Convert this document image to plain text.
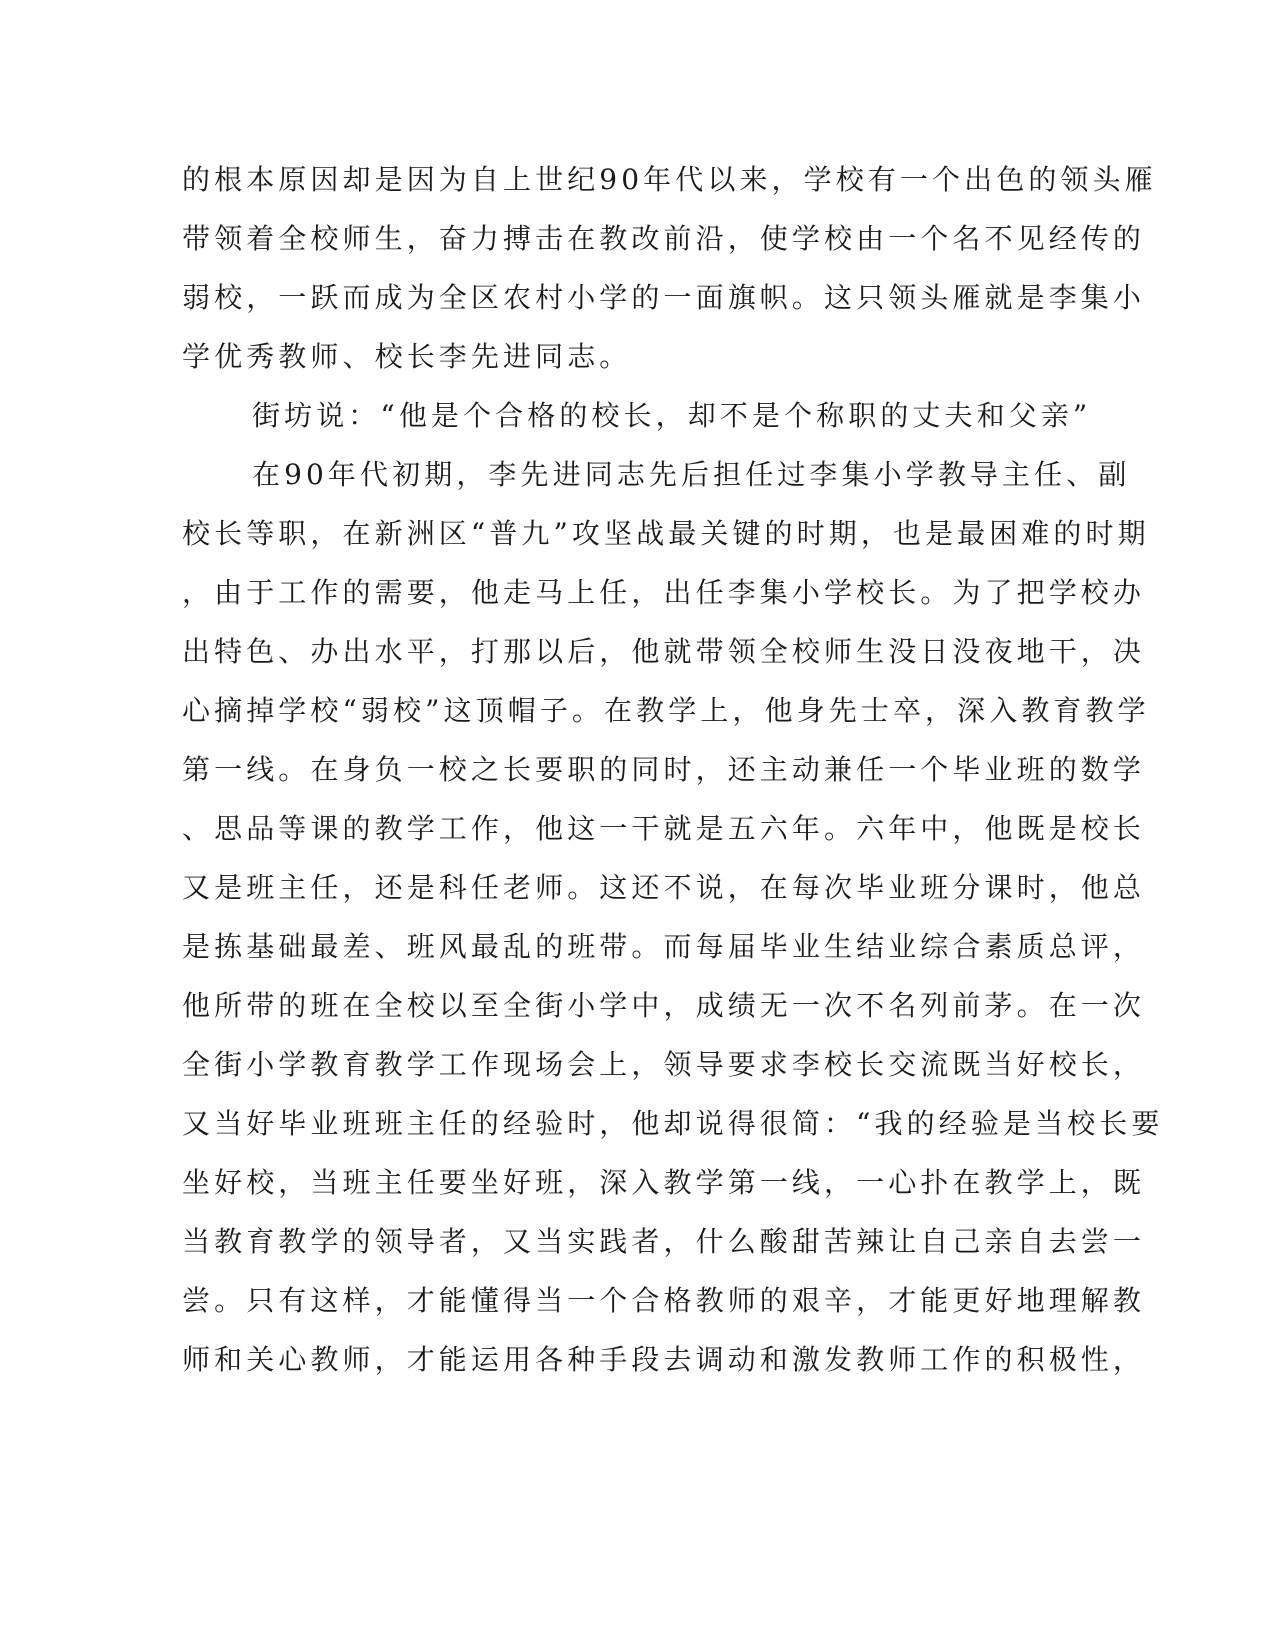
的根本原因却是因为自上世纪90年代以来，学校有一个出色的领头雁

带领着全校师生，奋力搏击在教改前沿，使学校由一个名不见经传的

弱校，一跃而成为全区农村小学的一面旗帜。这只领头雁就是李集小

学优秀教师、校长李先进同志。

街坊说：“他是个合格的校长，却不是个称职的丈夫和父亲”

在90年代初期，李先进同志先后担任过李集小学教导主任、副

校长等职，在新洲区“普九”攻坚战最关键的时期，也是最困难的时期

，由于工作的需要，他走马上任，出任李集小学校长。为了把学校办

出特色、办出水平，打那以后，他就带领全校师生没日没夜地干，决

心摘掉学校“弱校”这顶帽子。在教学上，他身先士卒，深入教育教学

第一线。在身负一校之长要职的同时，还主动兼任一个毕业班的数学

、思品等课的教学工作，他这一干就是五六年。六年中，他既是校长

又是班主任，还是科任老师。这还不说，在每次毕业班分课时，他总

是拣基础最差、班风最乱的班带。而每届毕业生结业综合素质总评，

他所带的班在全校以至全街小学中，成绩无一次不名列前茅。在一次

全街小学教育教学工作现场会上，领导要求李校长交流既当好校长，

又当好毕业班班主任的经验时，他却说得很简：“我的经验是当校长要

坐好校，当班主任要坐好班，深入教学第一线，一心扑在教学上，既

当教育教学的领导者，又当实践者，什么酸甜苦辣让自己亲自去尝一

尝。只有这样，才能懂得当一个合格教师的艰辛，才能更好地理解教

师和关心教师，才能运用各种手段去调动和激发教师工作的积极性，
